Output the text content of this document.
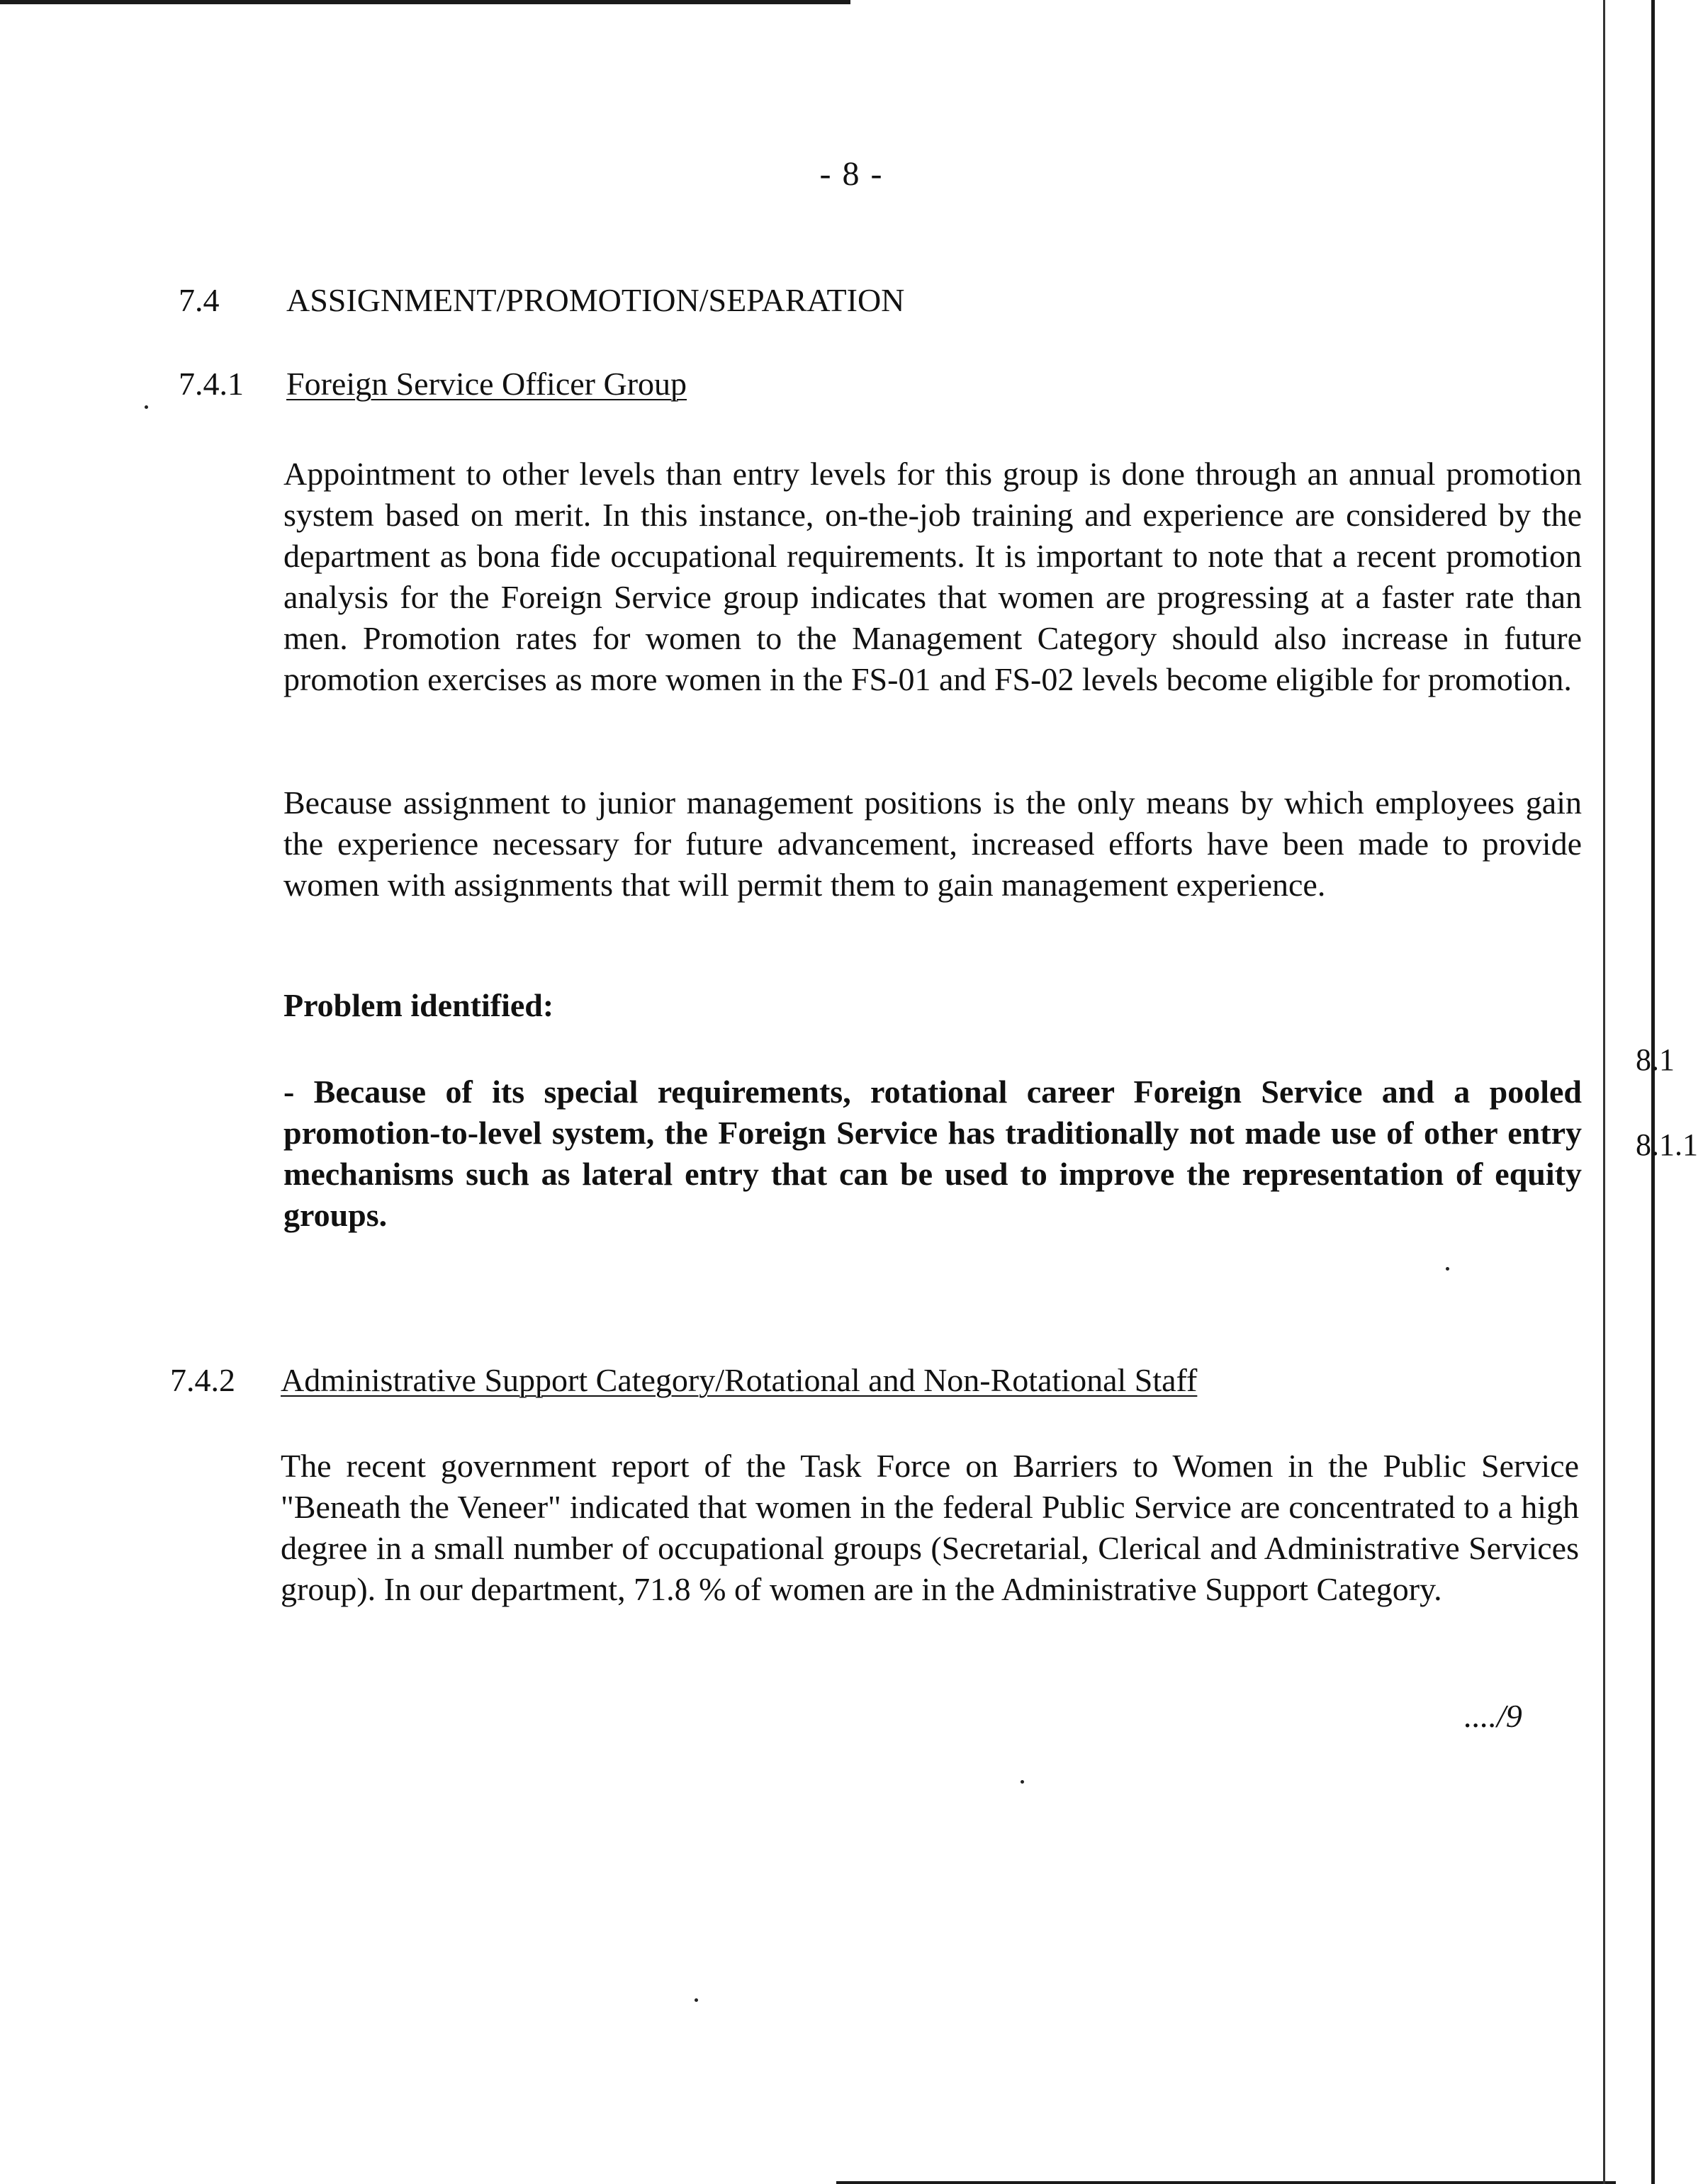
8.1
8.1.1
- 8 -
7.4 ASSIGNMENT/PROMOTION/SEPARATION
7.4.1 Foreign Service Officer Group
Appointment to other levels than entry levels for this group is done through an annual promotion system based on merit. In this instance, on-the-job training and experience are considered by the department as bona fide occupational requirements. It is important to note that a recent promotion analysis for the Foreign Service group indicates that women are progressing at a faster rate than men. Promotion rates for women to the Management Category should also increase in future promotion exercises as more women in the FS-01 and FS-02 levels become eligible for promotion.
Because assignment to junior management positions is the only means by which employees gain the experience necessary for future advancement, increased efforts have been made to provide women with assignments that will permit them to gain management experience.
Problem identified:
- Because of its special requirements, rotational career Foreign Service and a pooled promotion-to-level system, the Foreign Service has traditionally not made use of other entry mechanisms such as lateral entry that can be used to improve the representation of equity groups.
7.4.2 Administrative Support Category/Rotational and Non-Rotational Staff
The recent government report of the Task Force on Barriers to Women in the Public Service "Beneath the Veneer" indicated that women in the federal Public Service are concentrated to a high degree in a small number of occupational groups (Secretarial, Clerical and Administrative Services group). In our department, 71.8 % of women are in the Administrative Support Category.
..../9
